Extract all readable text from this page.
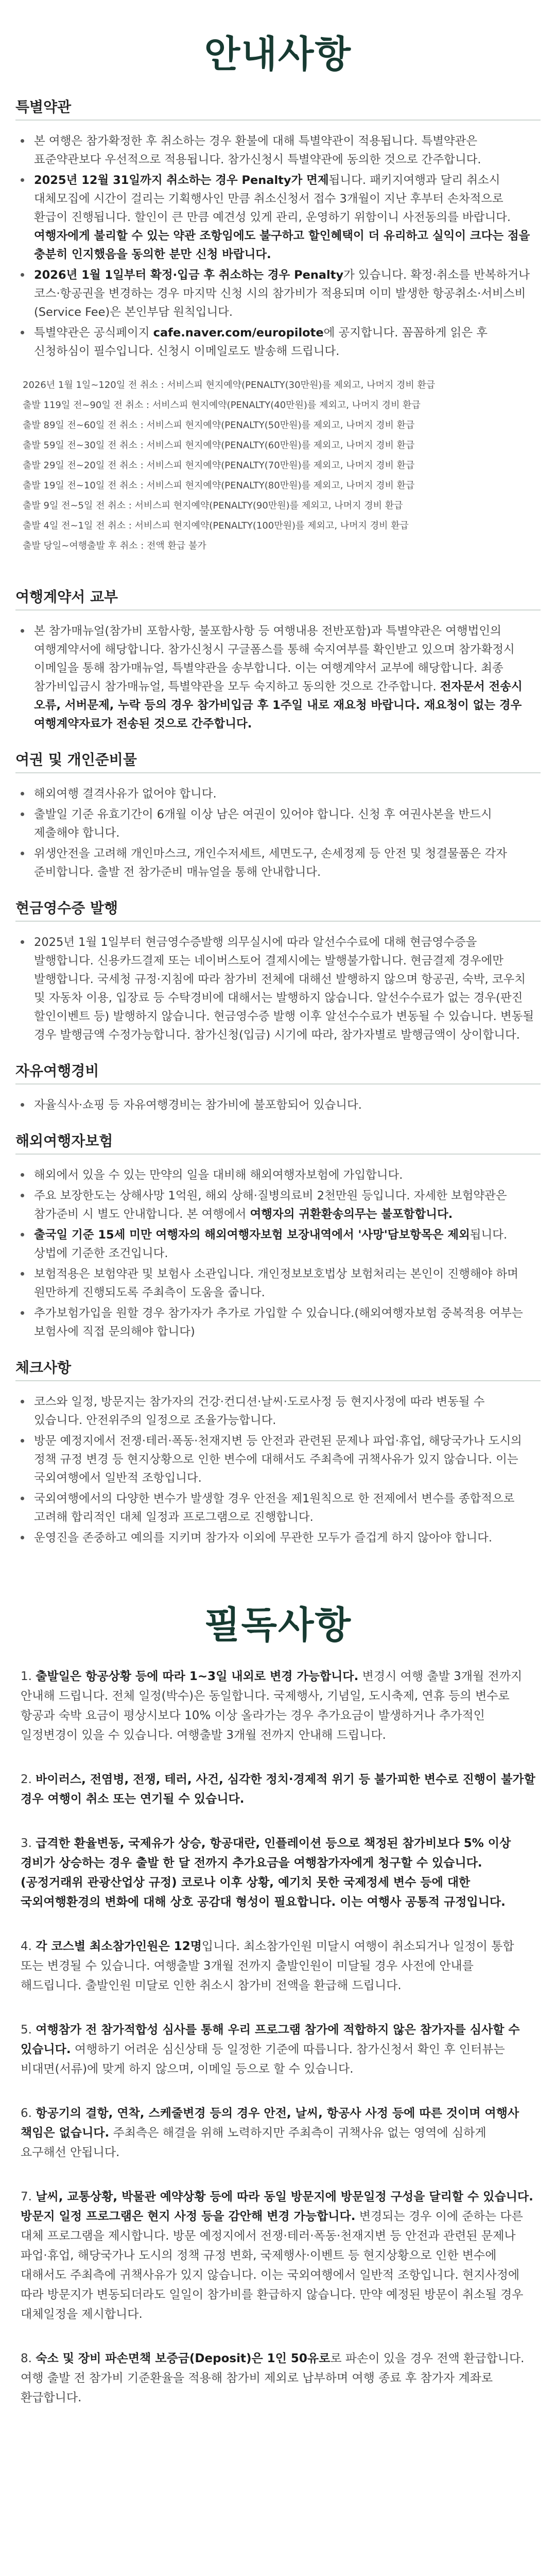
안내사항
특별약관
본 여행은 참가확정한 후 취소하는 경우 환불에 대해 특별약관이 적용됩니다. 특별약관은 표준약관보다 우선적으로 적용됩니다. 참가신청시 특별약관에 동의한 것으로 간주합니다.
2025년 12월 31일까지 취소하는 경우 Penalty가 면제됩니다. 패키지여행과 달리 취소시 대체모집에 시간이 걸리는 기획행사인 만큼 취소신청서 접수 3개월이 지난 후부터 손차적으로 환급이 진행됩니다. 할인이 큰 만큼 예견성 있게 관리, 운영하기 위함이니 사전동의를 바랍니다. 여행자에게 불리할 수 있는 약관 조항임에도 불구하고 할인혜택이 더 유리하고 실익이 크다는 점을 충분히 인지했음을 동의한 분만 신청 바랍니다.
2026년 1월 1일부터 확정·입금 후 취소하는 경우 Penalty가 있습니다. 확정·취소를 반복하거나 코스·항공권을 변경하는 경우 마지막 신청 시의 참가비가 적용되며 이미 발생한 항공취소·서비스비(Service Fee)은 본인부담 원칙입니다.
특별약관은 공식페이지 cafe.naver.com/europilote에 공지합니다. 꼼꼼하게 읽은 후 신청하심이 필수입니다. 신청시 이메일로도 발송해 드립니다.
2026년 1월 1일~120일 전 취소 : 서비스피 현지예약(PENALTY(30만원)를 제외고, 나머지 경비 환급
출발 119일 전~90일 전 취소 : 서비스피 현지예약(PENALTY(40만원)를 제외고, 나머지 경비 환급
출발 89일 전~60일 전 취소 : 서비스피 현지예약(PENALTY(50만원)를 제외고, 나머지 경비 환급
출발 59일 전~30일 전 취소 : 서비스피 현지예약(PENALTY(60만원)를 제외고, 나머지 경비 환급
출발 29일 전~20일 전 취소 : 서비스피 현지예약(PENALTY(70만원)를 제외고, 나머지 경비 환급
출발 19일 전~10일 전 취소 : 서비스피 현지예약(PENALTY(80만원)를 제외고, 나머지 경비 환급
출발 9일 전~5일 전 취소 : 서비스피 현지예약(PENALTY(90만원)를 제외고, 나머지 경비 환급
출발 4일 전~1일 전 취소 : 서비스피 현지예약(PENALTY(100만원)를 제외고, 나머지 경비 환급
출발 당일~여행출발 후 취소 : 전액 환급 불가
여행계약서 교부
본 참가매뉴얼(참가비 포함사항, 불포함사항 등 여행내용 전반포함)과 특별약관은 여행법인의 여행계약서에 해당합니다. 참가신청시 구글폼스를 통해 숙지여부를 확인받고 있으며 참가확정시 이메일을 통해 참가매뉴얼, 특별약관을 송부합니다. 이는 여행계약서 교부에 해당합니다. 최종 참가비입금시 참가매뉴얼, 특별약관을 모두 숙지하고 동의한 것으로 간주합니다. 전자문서 전송시 오류, 서버문제, 누락 등의 경우 참가비입금 후 1주일 내로 재요청 바랍니다. 재요청이 없는 경우 여행계약자료가 전송된 것으로 간주합니다.
여권 및 개인준비물
해외여행 결격사유가 없어야 합니다.
출발일 기준 유효기간이 6개월 이상 남은 여권이 있어야 합니다. 신청 후 여권사본을 반드시 제출해야 합니다.
위생안전을 고려해 개인마스크, 개인수저세트, 세면도구, 손세정제 등 안전 및 청결물품은 각자 준비합니다. 출발 전 참가준비 매뉴얼을 통해 안내합니다.
현금영수증 발행
2025년 1월 1일부터 현금영수증발행 의무실시에 따라 알선수수료에 대해 현금영수증을 발행합니다. 신용카드결제 또는 네이버스토어 결제시에는 발행불가합니다. 현금결제 경우에만 발행합니다. 국세청 규정·지침에 따라 참가비 전체에 대해선 발행하지 않으며 항공권, 숙박, 코우치 및 자동차 이용, 입장료 등 수탁경비에 대해서는 발행하지 않습니다. 알선수수료가 없는 경우(판진 할인이벤트 등) 발행하지 않습니다. 현금영수증 발행 이후 알선수수료가 변동될 수 있습니다. 변동될 경우 발행금액 수정가능합니다. 참가신청(입금) 시기에 따라, 참가자별로 발행금액이 상이합니다.
자유여행경비
자율식사·쇼핑 등 자유여행경비는 참가비에 불포함되어 있습니다.
해외여행자보험
해외에서 있을 수 있는 만약의 일을 대비해 해외여행자보험에 가입합니다.
주요 보장한도는 상해사망 1억원, 해외 상해·질병의료비 2천만원 등입니다. 자세한 보험약관은 참가준비 시 별도 안내합니다. 본 여행에서 여행자의 귀환환송의무는 불포함합니다.
출국일 기준 15세 미만 여행자의 해외여행자보험 보장내역에서 '사망'담보항목은 제외됩니다. 상법에 기준한 조건입니다.
보험적용은 보험약관 및 보험사 소관입니다. 개인정보보호법상 보험처리는 본인이 진행해야 하며 원만하게 진행되도록 주최측이 도움을 줍니다.
추가보험가입을 원할 경우 참가자가 추가로 가입할 수 있습니다.(해외여행자보험 중복적용 여부는 보험사에 직접 문의해야 합니다)
체크사항
코스와 일정, 방문지는 참가자의 건강·컨디션·날씨·도로사정 등 현지사정에 따라 변동될 수 있습니다. 안전위주의 일정으로 조율가능합니다.
방문 예정지에서 전쟁·테러·폭동·천재지변 등 안전과 관련된 문제나 파업·휴업, 해당국가나 도시의 정책 규정 변경 등 현지상황으로 인한 변수에 대해서도 주최측에 귀책사유가 있지 않습니다. 이는 국외여행에서 일반적 조항입니다.
국외여행에서의 다양한 변수가 발생할 경우 안전을 제1원칙으로 한 전제에서 변수를 종합적으로 고려해 합리적인 대체 일정과 프로그램으로 진행합니다.
운영진을 존중하고 예의를 지키며 참가자 이외에 무관한 모두가 즐겁게 하지 않아야 합니다.
필독사항

1. 출발일은 항공상황 등에 따라 1~3일 내외로 변경 가능합니다. 변경시 여행 출발 3개월 전까지 안내해 드립니다. 전체 일정(박수)은 동일합니다. 국제행사, 기념일, 도시축제, 연휴 등의 변수로 항공과 숙박 요금이 평상시보다 10% 이상 올라가는 경우 추가요금이 발생하거나 추가적인 일정변경이 있을 수 있습니다. 여행출발 3개월 전까지 안내해 드립니다.

2. 바이러스, 전염병, 전쟁, 테러, 사건, 심각한 정치·경제적 위기 등 불가피한 변수로 진행이 불가할 경우 여행이 취소 또는 연기될 수 있습니다.

3. 급격한 환율변동, 국제유가 상승, 항공대란, 인플레이션 등으로 책정된 참가비보다 5% 이상 경비가 상승하는 경우 출발 한 달 전까지 추가요금을 여행참가자에게 청구할 수 있습니다. (공정거래위 관광산업상 규정) 코로나 이후 상황, 예기치 못한 국제정세 변수 등에 대한 국외여행환경의 변화에 대해 상호 공감대 형성이 필요합니다. 이는 여행사 공통적 규정입니다.

4. 각 코스별 최소참가인원은 12명입니다. 최소참가인원 미달시 여행이 취소되거나 일정이 통합 또는 변경될 수 있습니다. 여행출발 3개월 전까지 출발인원이 미달될 경우 사전에 안내를 해드립니다. 출발인원 미달로 인한 취소시 참가비 전액을 환급해 드립니다.

5. 여행참가 전 참가적합성 심사를 통해 우리 프로그램 참가에 적합하지 않은 참가자를 심사할 수 있습니다. 여행하기 어려운 심신상태 등 일정한 기준에 따릅니다. 참가신청서 확인 후 인터뷰는 비대면(서류)에 맞게 하지 않으며, 이메일 등으로 할 수 있습니다.

6. 항공기의 결항, 연착, 스케줄변경 등의 경우 안전, 날씨, 항공사 사정 등에 따른 것이며 여행사 책임은 없습니다. 주최측은 해결을 위해 노력하지만 주최측이 귀책사유 없는 영역에 심하게 요구해선 안됩니다.

7. 날씨, 교통상황, 박물관 예약상황 등에 따라 동일 방문지에 방문일정 구성을 달리할 수 있습니다. 방문지 일정 프로그램은 현지 사정 등을 감안해 변경 가능합니다. 변경되는 경우 이에 준하는 다른 대체 프로그램을 제시합니다. 방문 예정지에서 전쟁·테러·폭동·천재지변 등 안전과 관련된 문제나 파업·휴업, 해당국가나 도시의 정책 규정 변화, 국제행사·이벤트 등 현지상황으로 인한 변수에 대해서도 주최측에 귀책사유가 있지 않습니다. 이는 국외여행에서 일반적 조항입니다. 현지사정에 따라 방문지가 변동되더라도 일일이 참가비를 환급하지 않습니다. 만약 예정된 방문이 취소될 경우 대체일정을 제시합니다.

8. 숙소 및 장비 파손면책 보증금(Deposit)은 1인 50유로로 파손이 있을 경우 전액 환급합니다. 여행 출발 전 참가비 기준환율을 적용해 참가비 제외로 납부하며 여행 종료 후 참가자 계좌로 환급합니다.
